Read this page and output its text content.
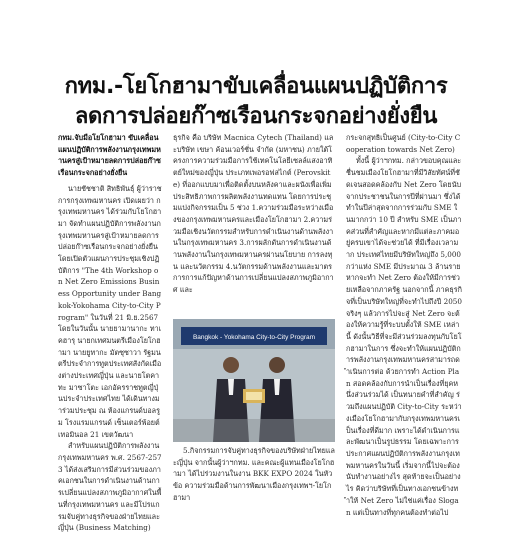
กทม.-โยโกฮามาขับเคลื่อนแผนปฏิบัติการ
ลดการปล่อยก๊าซเรือนกระจกอย่างยั่งยืน

กทม.จับมือโยโกฮามา ขับเคลื่อนแผนปฏิบัติการพลังงานกรุงเทพมหานครสู่เป้าหมายลดการปล่อยก๊าซเรือนกระจกอย่างยั่งยืน

นายชัชชาติ สิทธิพันธุ์ ผู้ว่าราชการกรุงเทพมหานคร เปิดเผยว่า กรุงเทพมหานคร ได้ร่วมกับโยโกฮามา จัดทำแผนปฏิบัติการพลังงานกรุงเทพมหานครสู่เป้าหมายลดการปล่อยก๊าซเรือนกระจกอย่างยั่งยืน โดยเปิดตัวแผนการประชุมเชิงปฏิบัติการ "The 4th Workshop on Net Zero Emissions Business Opportunity under Bangkok-Yokohama City-to-City Program" ในวันที่ 21 มิ.ย.2567 โดยในวันนั้น นายยามานากะ ทาเคฮารุ นายกเทศมนตรีเมืองโยโกฮามา นายยูทากะ มัตซุซาวา รัฐมนตรีประจำการทูตประเทศสังกัดเมืองต่างประเทศญี่ปุ่น และนายโตคาทะ มาซาโตะ เอกอัครราชทูตญี่ปุ่นประจำประเทศไทย ได้เดินทางมาร่วมประชุม ณ ห้องแกรนด์บอลรูม โรงแรมแกรนด์ เซ็นเตอร์พ้อยต์ เทอมินอล 21 เขตวัฒนา

สำหรับแผนปฏิบัติการพลังงานกรุงเทพมหานคร พ.ศ. 2567-2573 ได้ส่งเสริมการมีส่วนร่วมของภาคเอกชนในการดำเนินงานด้านการเปลี่ยนแปลงสภาพภูมิอากาศในพื้นที่กรุงเทพมหานคร และมีโปรแกรมจับคู่ทางธุรกิจของฝ่ายไทยและญี่ปุ่น (Business Matching)

ธุรกิจ คือ บริษัท Macnica Cytech (Thailand) และบริษัท เขษา ค้อนเวอร์ชั่น จำกัด (มหาชน) ภายใต้โครงการความร่วมมือการใช้เทคโนโลยีเซลล์แสงอาทิตย์ใหม่ของญี่ปุ่น ประเภทเพอรอฟสไกต์ (Perovskite) ที่ออกแบบมาเพื่อติดตั้งบนหลังคาและผนังเพื่อเพิ่มประสิทธิภาพการผลิตพลังงานทดแทน โดยการประชุมแบ่งกิจกรรมเป็น 5 ช่วง 1.ความร่วมมือระหว่างเมืองของกรุงเทพมหานครและเมืองโยโกฮามา 2.ความร่วมมือเชิงนวัตกรรมสำหรับการดำเนินงานด้านพลังงานในกรุงเทพมหานคร 3.การผลักดันการดำเนินงานด้านพลังงานในกรุงเทพมหานครผ่านนโยบาย การลงทุน และนวัตกรรม 4.นวัตกรรมด้านพลังงานและมาตรการการแก้ปัญหาด้านการเปลี่ยนแปลงสภาพภูมิอากาศ และ

Bangkok - Yokohama City-to-City Program

5.กิจกรรมการจับคู่ทางธุรกิจของบริษัทฝ่ายไทยและญี่ปุ่น จากนั้นผู้ว่าฯกทม. และคณะผู้แทนเมืองโยโกฮามา ได้ไปร่วมงานในงาน BKK EXPO 2024 ในหัวข้อ ความร่วมมือด้านการพัฒนาเมืองกรุงเทพฯ-โยโกฮามา

กระจกสุทธิเป็นศูนย์ (City-to-City Cooperation towards Net Zero)

ทั้งนี้ ผู้ว่าฯกทม. กล่าวขอบคุณและชื่นชมเมืองโยโกฮามาที่มีวิสัยทัศน์ที่ชัดเจนสอดคล้องกับ Net Zero โดยนับจากประชาชนในการปีที่ผ่านมา ซึ่งได้ทำในปีล่าสุดจากการร่วมกับ SME ในมากกว่า 10 ปี สำหรับ SME เป็นภาคส่วนที่สำคัญและหากมีแต่ละภาคมอยู่ครบเขาได้จะช่วยได้ ที่มีเรื่องเวลามาก ประเทศไทยมีบริษัทใหญ่ถึง 5,000 กว่าแห่ง SME มีประมาณ 3 ล้านราย หากจะทำ Net Zero ต้องให้มีการช่วยเหลือจากภาครัฐ นอกจากนี้ ภาคธุรกิจที่เป็นบริษัทใหญ่ที่จะทำไปถึงปี 2050 จริงๆ แล้วการไปจะสู่ Net Zero จะต้องให้ความรู้ที่ระบบตั้งให้ SME เหล่านี้ ดังนั้นวิธีที่จะมีส่วนร่วมลงทุนกับโยโกฮามาในการ ซึ่งจะทำให้แผนปฏิบัติการพลังงานกรุงเทพมหานครสามารถดำเนินการต่อ ด้วยการทำ Action Plan สอดคล้องกับการนำเป็นเรื่องที่ยุคหนึ่งส่วนร่วมได้ เป็นทนายคำที่สำคัญ ร่วมถึงแผนปฏิบัติ City-to-City ระหว่างเมืองโยโกฮามากับกรุงเทพมหานครเป็นเรื่องที่ดีมาก เพราะได้ดำเนินการและพัฒนาเป็นรูปธรรม โดยเฉพาะการประกาศแผนปฏิบัติการพลังงานกรุงเทพมหานครในวันนี้ เริ่มจากนี้ไปจะต้องนับทำงานอย่างไร สุดท้ายจะเป็นอย่างไร คิดว่าบริษัทที่เป็นทางเอกชนข้างทำให้ Net Zero ไม่ใช่แค่เรื่อง Slogan แต่เป็นทางที่ทุกคนต้องทำต่อไป
